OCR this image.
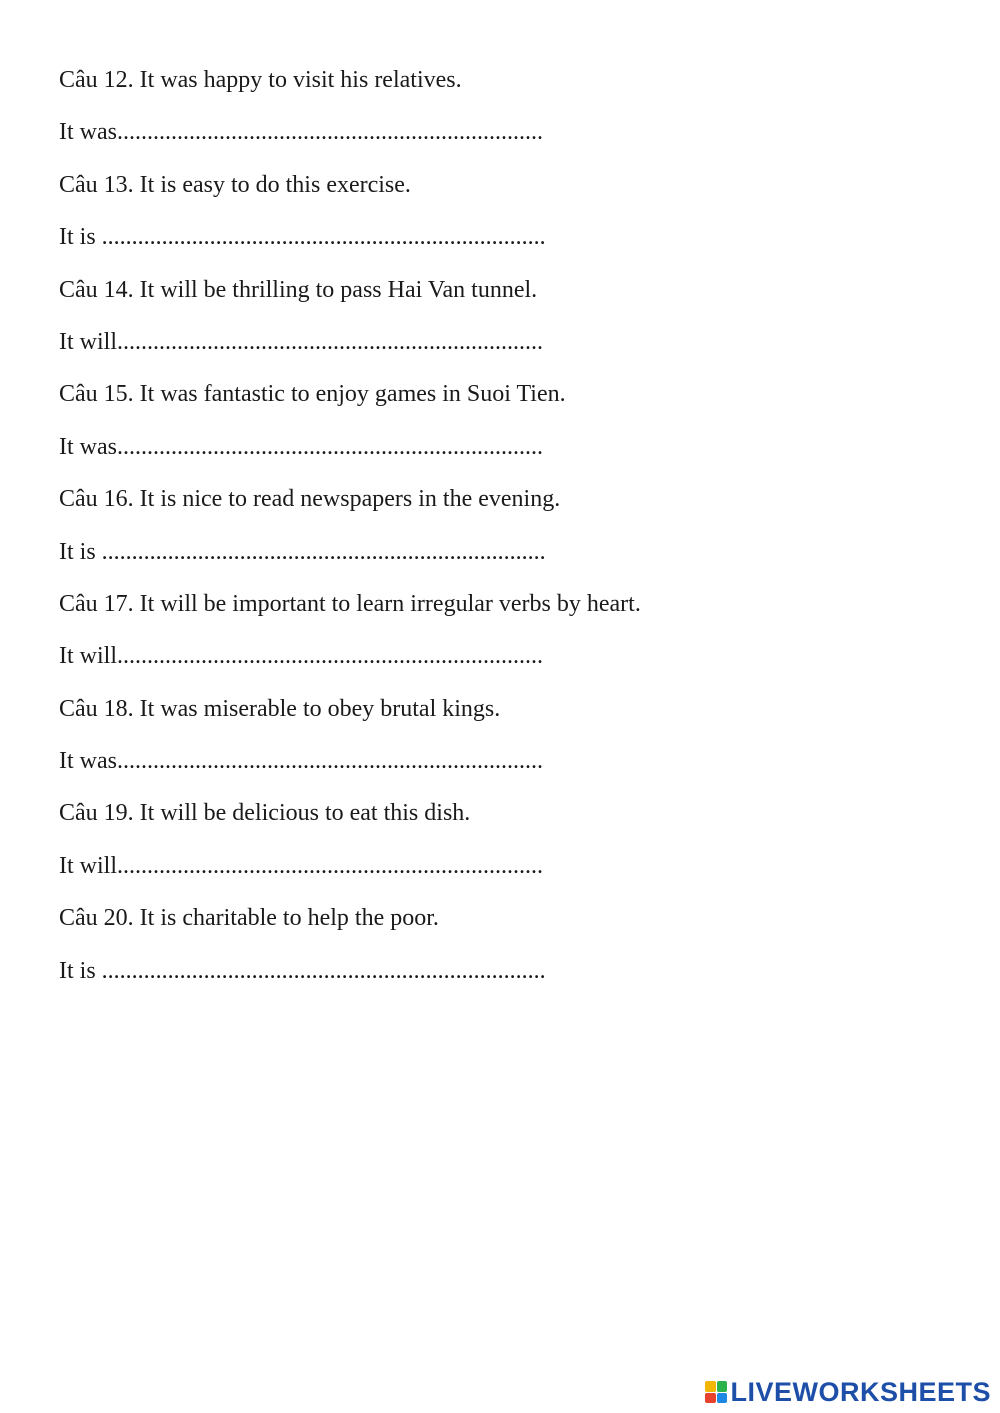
Câu 12. It was happy to visit his relatives.
It was .......................................................................
Câu 13. It is easy to do this exercise.
It is ..........................................................................
Câu 14. It will be thrilling to pass Hai Van tunnel.
It will .......................................................................
Câu 15. It was fantastic to enjoy games in Suoi Tien.
It was .......................................................................
Câu 16. It is nice to read newspapers in the evening.
It is ..........................................................................
Câu 17. It will be important to learn irregular verbs by heart.
It will .......................................................................
Câu 18. It was miserable to obey brutal kings.
It was .......................................................................
Câu 19. It will be delicious to eat this dish.
It will .......................................................................
Câu 20. It is charitable to help the poor.
It is ..........................................................................
LIVEWORKSHEETS
